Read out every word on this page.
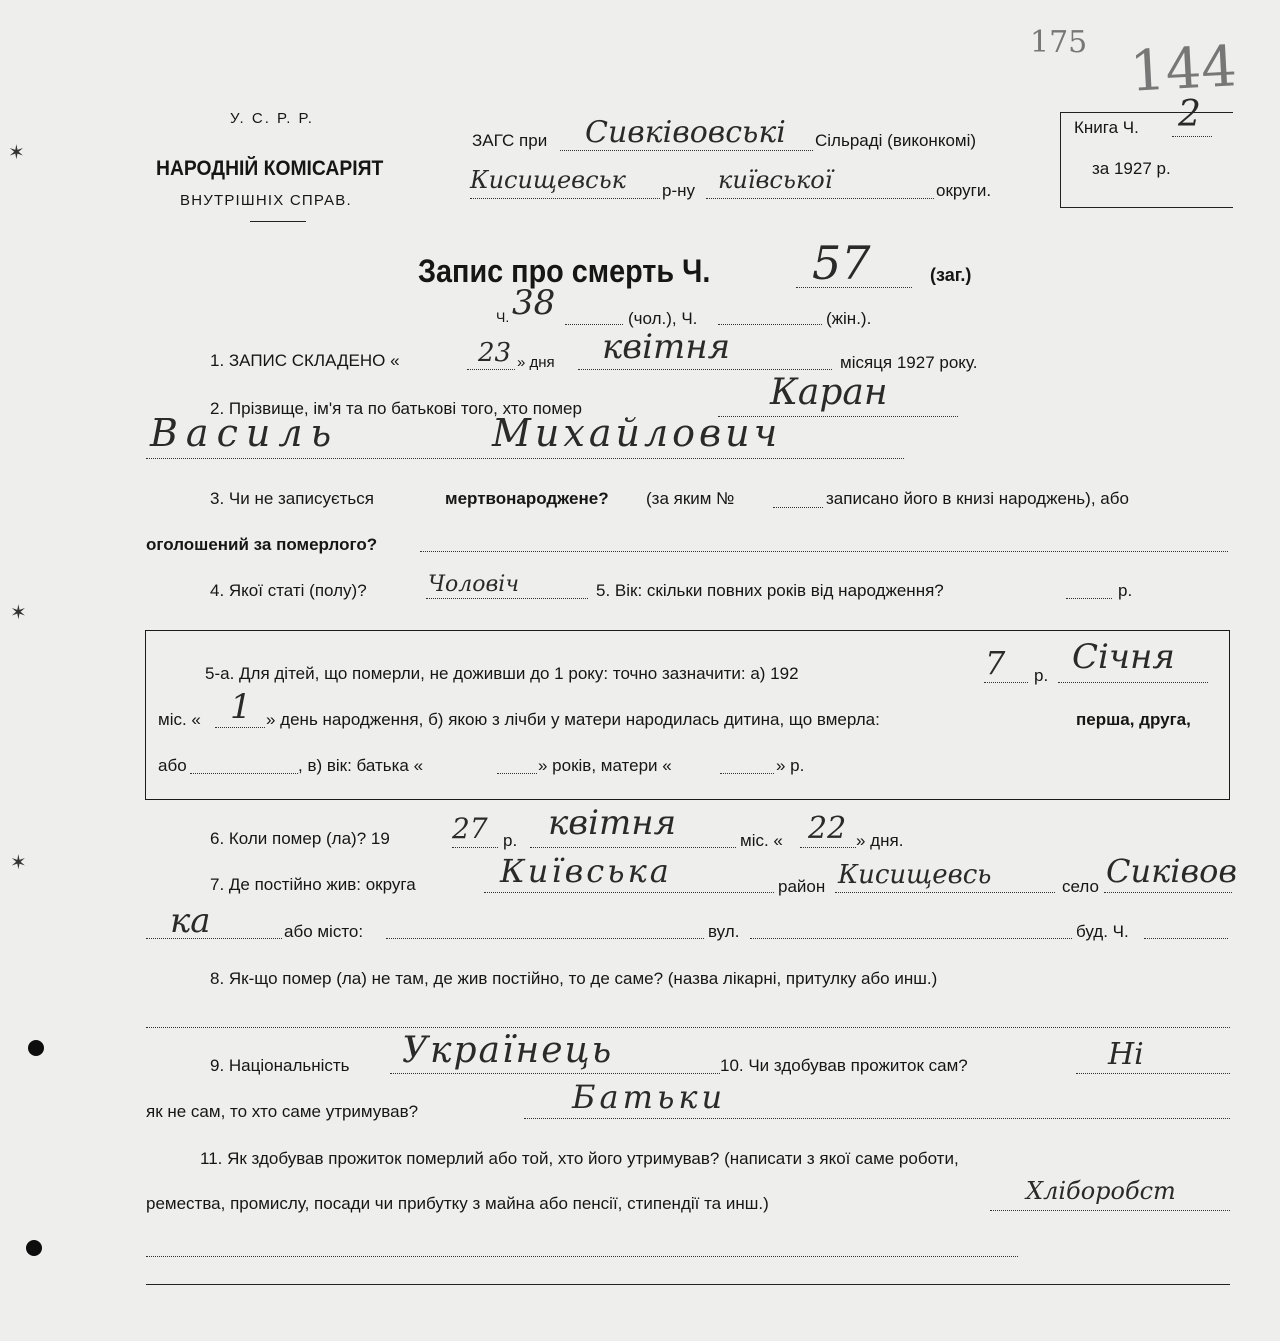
✶
✶
✶
175 144
У. С. Р. Р.
НАРОДНІЙ КОМІСАРІЯТ
ВНУТРІШНІХ СПРАВ.
ЗАГС при Сивківовські Сільраді (виконкомі)
Кисищевськ р-ну київської	округи.
Книга Ч. 2
за 1927 р.
Запис про смерть Ч. 57	(заг.)
Ч. 38	(чол.), Ч.	(жін.).
1. ЗАПИС СКЛАДЕНО «	23 » дня квітня	місяця 1927 року.
2. Прізвище, ім'я та по батькові того, хто помер	Каран
Василь	Михайлович
3. Чи не записується	мертвонароджене? (за яким №	записано його в книзі народжень), або
оголошений за померлого?
4. Якої статі (полу)?	Чоловіч	5. Вік: скільки повних років від народження?	р.
5-а. Для дітей, що померли, не доживши до 1 року: точно зазначити: а) 192	7 р. Січня
міс. « 1 » день народження, б) якою з лічби у матери народилась дитина, що вмерла:	перша, друга,
або	, в) вік: батька «	» років, матери «	» р.
6. Коли помер (ла)? 19 27 р. квітня	міс. « 22 » дня.
7. Де постійно жив: округа	Київська	район Кисищевсь	село Сиківов
ка	або місто:	вул.	буд. Ч.
8. Як-що помер (ла) не там, де жив постійно, то де саме? (назва лікарні, притулку або инш.)
9. Національність Українець	10. Чи здобував прожиток сам?	Ні
як не сам, то хто саме утримував?	Батьки
11. Як здобував прожиток померлий або той, хто його утримував? (написати з якої саме роботи,
ремества, промислу, посади чи прибутку з майна або пенсії, стипендії та инш.)	Хліборобст
